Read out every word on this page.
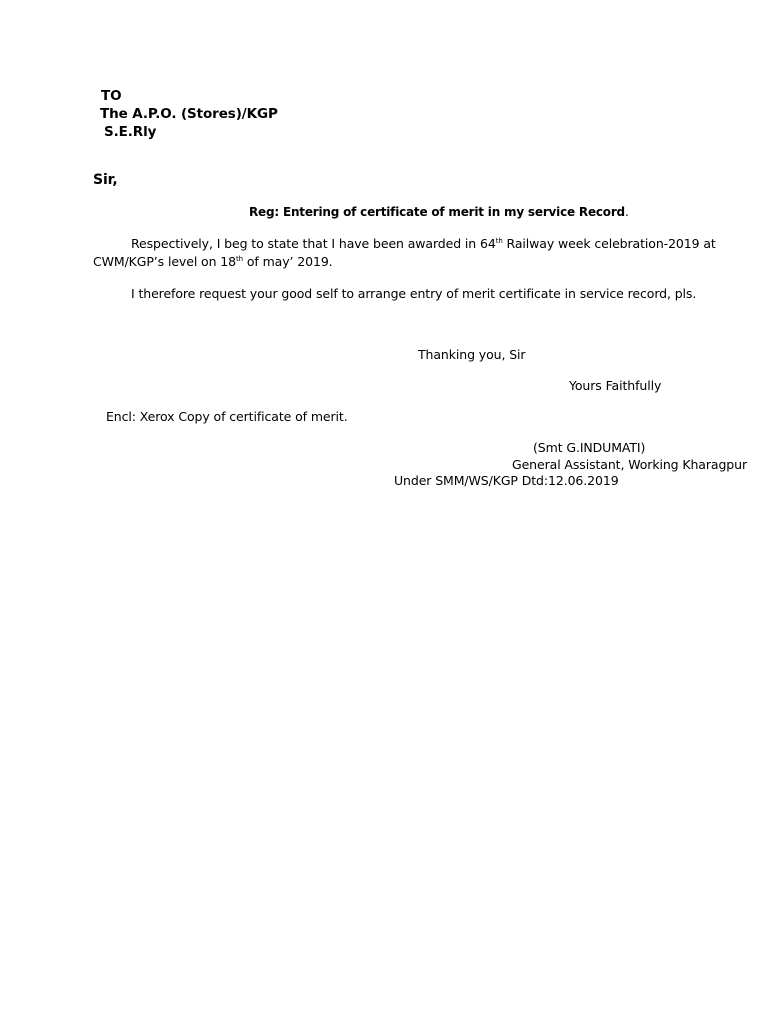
TO
The A.P.O. (Stores)/KGP
S.E.Rly
Sir,
Reg: Entering of certificate of merit in my service Record.
Respectively, I beg to state that I have been awarded in 64th Railway week celebration-2019 at
CWM/KGP’s level on 18th of may’ 2019.
I therefore request your good self to arrange entry of merit certificate in service record, pls.
Thanking you, Sir
Yours Faithfully
Encl: Xerox Copy of certificate of merit.
(Smt G.INDUMATI)
General Assistant, Working Kharagpur
Under SMM/WS/KGP Dtd:12.06.2019
